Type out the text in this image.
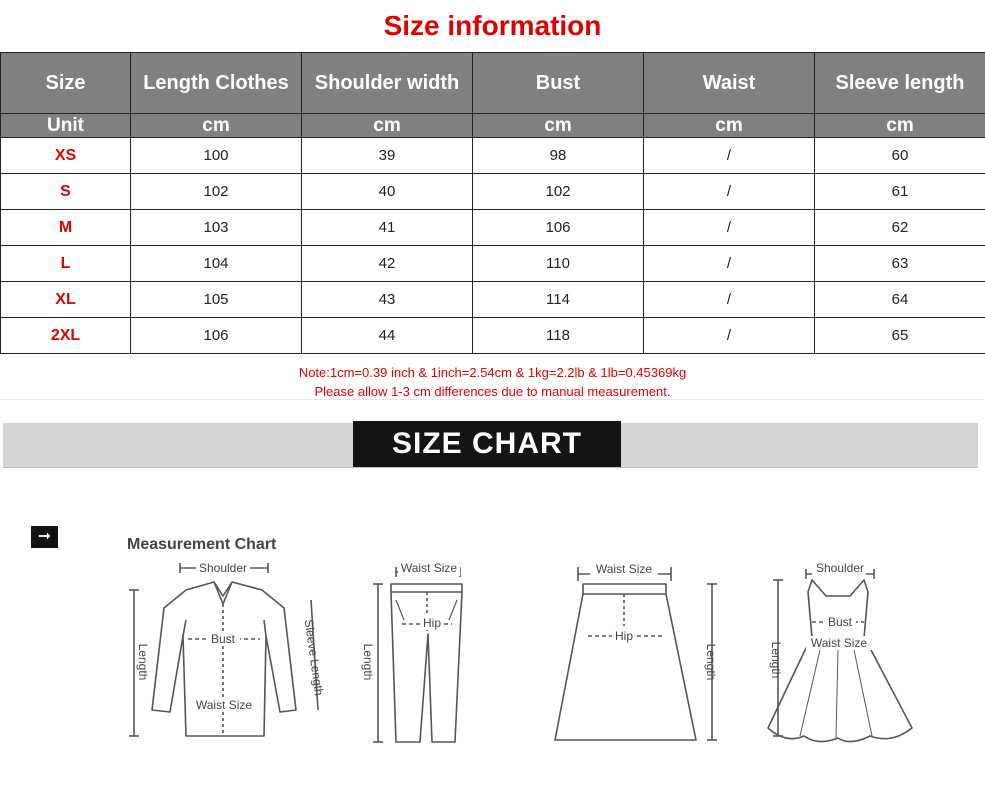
Size information
Size	Length Clothes	Shoulder width	Bust	Waist	Sleeve length
Unit	cm	cm	cm	cm	cm
XS	100	39	98	/	60
S	102	40	102	/	61
M	103	41	106	/	62
L	104	42	110	/	63
XL	105	43	114	/	64
2XL	106	44	118	/	65
Note:1cm=0.39 inch & 1inch=2.54cm & 1kg=2.2lb & 1lb=0.45369kg
Please allow 1-3 cm differences due to manual measurement.
SIZE CHART
➞	Measurement Chart
Shoulder
Bust
Waist Size
Length	Sleeve Length
Waist Size
Hip
Length
Waist Size
Hip
Length
Shoulder
Bust
Waist Size
Length
